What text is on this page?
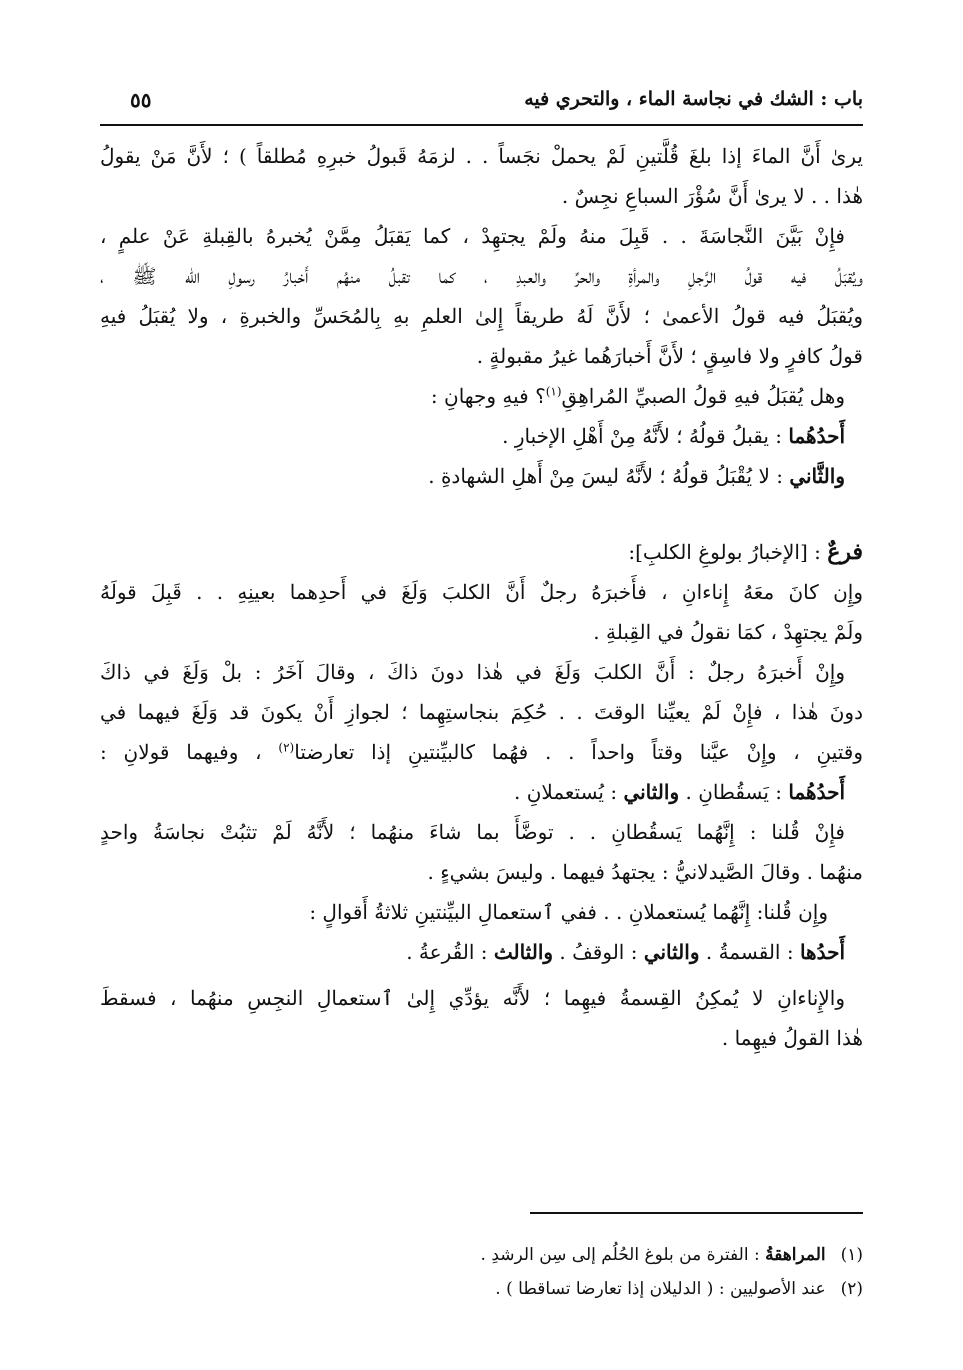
باب : الشك في نجاسة الماء ، والتحري فيه
٥٥
يرىٰ أَنَّ الماءَ إذا بلغَ قُلَّتينِ لَمْ يحملْ نجَساً . . لزمَهُ قَبولُ خبرِهِ مُطلقاً ) ؛ لأَنَّ مَنْ يقولُ
هٰذا . . لا يرىٰ أَنَّ سُؤْرَ السباعِ نجِسٌ .
فإِنْ بَيَّنَ النَّجاسَةَ . . قَبِلَ منهُ ولَمْ يجتهِدْ ، كما يَقبَلُ مِمَّنْ يُخبرهُ بالقِبلةِ عَنْ علمٍ ،
ويُقبَلُ فيه قولُ الرَّجلِ والمرأةِ والحرِّ والعبدِ ، كما تقبلُ منهُم أَخبارُ رسولِ الله ﷺ ،
ويُقبَلُ فيه قولُ الأعمىٰ ؛ لأَنَّ لَهُ طريقاً إِلىٰ العلمِ بهِ بِالمُحَسِّ والخبرةِ ، ولا يُقبَلُ فيهِ
قولُ كافرٍ ولا فاسِقٍ ؛ لأَنَّ أَخبارَهُما غيرُ مقبولةٍ .
وهل يُقبَلُ فيهِ قولُ الصبيِّ المُراهِقِ$^{(١)}$؟ فيهِ وجهانِ :
أَحدُهُما : يقبلُ قولُهُ ؛ لأَنَّهُ مِنْ أَهْلِ الإخبارِ .
والثَّاني : لا يُقْبَلُ قولُهُ ؛ لأَنَّهُ ليسَ مِنْ أَهلِ الشهادةِ .
فرعٌ : [الإخبارُ بولوغِ الكلبِ]:
وإِن كانَ معَهُ إِناءانِ ، فأَخبرَهُ رجلٌ أَنَّ الكلبَ وَلَغَ في أَحدِهما بعينِهِ . . قَبِلَ قولَهُ
ولَمْ يجتهِدْ ، كمَا نقولُ في القِبلةِ .
وإِنْ أَخبرَهُ رجلٌ : أَنَّ الكلبَ وَلَغَ في هٰذا دونَ ذاكَ ، وقالَ آخَرُ : بلْ وَلَغَ في ذاكَ
دونَ هٰذا ، فإِنْ لَمْ يعيِّنا الوقتَ . . حُكِمَ بنجاستِهِما ؛ لجوازِ أَنْ يكونَ قد وَلَغَ فيهما في
وقتينِ ، وإِنْ عيَّنا وقتاً واحداً . . فهُما كالبيِّنتينِ إذا تعارضتا$^{(٢)}$ ، وفيهما قولانِ :
أَحدُهُما : يَسقُطانِ . والثاني : يُستعملانِ .
فإِنْ قُلنا : إِنَّهُما يَسقُطانِ . . توضَّأَ بما شاءَ منهُما ؛ لأَنَّهُ لَمْ تثبُتْ نجاسَةُ واحدٍ
منهُما . وقالَ الصَّيدلانيُّ : يجتهدُ فيهما . وليسَ بشيءٍ .
وإِن قُلنا: إِنَّهُما يُستعملانِ . . ففي ٱستعمالِ البيِّنتينِ ثلاثةُ أَقوالٍ :
أَحدُها : القسمةُ . والثاني : الوقفُ . والثالث : القُرعةُ .
والإِناءانِ لا يُمكِنُ القِسمةُ فيهِما ؛ لأَنَّه يؤدِّي إِلىٰ ٱستعمالِ النجِسِ منهُما ، فسقطَ
هٰذا القولُ فيهِما .
(١) المراهقةُ : الفترة من بلوغ الحُلُم إلى سِن الرشدِ .
(٢) عند الأصوليين : ( الدليلان إذا تعارضا تساقطا ) .
